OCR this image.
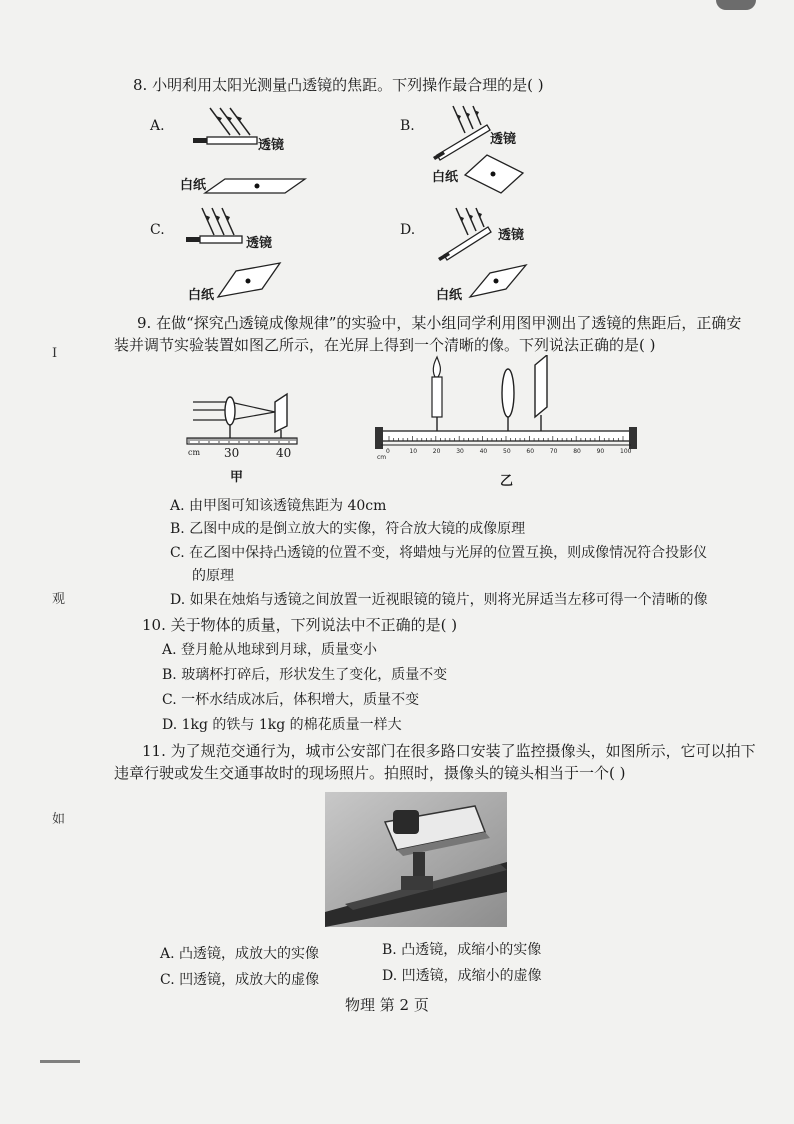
Ⅰ
观
如
8. 小明利用太阳光测量凸透镜的焦距。下列操作最合理的是( )
A.
透镜
白纸
B.
透镜
白纸
C.
透镜
白纸
D.	透镜
白纸
9. 在做“探究凸透镜成像规律”的实验中，某小组同学利用图甲测出了透镜的焦距后，正确安
装并调节实验装置如图乙所示，在光屏上得到一个清晰的像。下列说法正确的是( )
cm 30	40
甲
0	10	20	30	40	50	60	70	80	90	100
cm
乙
A. 由甲图可知该透镜焦距为 40cm
B. 乙图中成的是倒立放大的实像，符合放大镜的成像原理
C. 在乙图中保持凸透镜的位置不变，将蜡烛与光屏的位置互换，则成像情况符合投影仪
的原理
D. 如果在烛焰与透镜之间放置一近视眼镜的镜片，则将光屏适当左移可得一个清晰的像
10. 关于物体的质量，下列说法中不正确的是( )
A. 登月舱从地球到月球，质量变小
B. 玻璃杯打碎后，形状发生了变化，质量不变
C. 一杯水结成冰后，体积增大，质量不变
D. 1kg 的铁与 1kg 的棉花质量一样大
11. 为了规范交通行为，城市公安部门在很多路口安装了监控摄像头，如图所示，它可以拍下
违章行驶或发生交通事故时的现场照片。拍照时，摄像头的镜头相当于一个( )
A. 凸透镜，成放大的实像	B. 凸透镜，成缩小的实像
C. 凹透镜，成放大的虚像	D. 凹透镜，成缩小的虚像
物理 第 2 页
